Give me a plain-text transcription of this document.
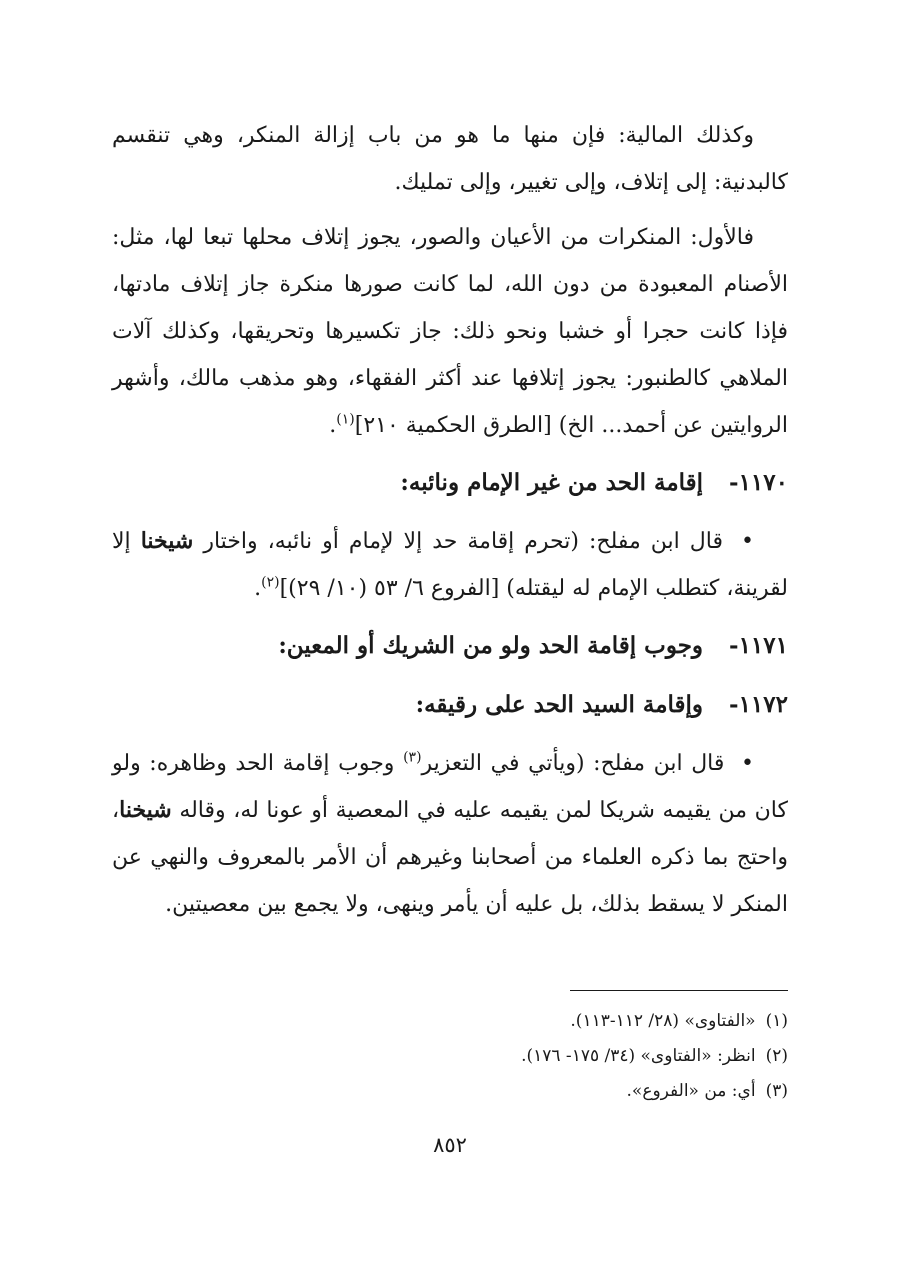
وكذلك المالية: فإن منها ما هو من باب إزالة المنكر، وهي تنقسم كالبدنية: إلى إتلاف، وإلى تغيير، وإلى تمليك.

فالأول: المنكرات من الأعيان والصور، يجوز إتلاف محلها تبعا لها، مثل: الأصنام المعبودة من دون الله، لما كانت صورها منكرة جاز إتلاف مادتها، فإذا كانت حجرا أو خشبا ونحو ذلك: جاز تكسيرها وتحريقها، وكذلك آلات الملاهي كالطنبور: يجوز إتلافها عند أكثر الفقهاء، وهو مذهب مالك، وأشهر الروايتين عن أحمد... الخ) [الطرق الحكمية ٢١٠]$^{(١)}$.

١١٧٠-إقامة الحد من غير الإمام ونائبه:

• قال ابن مفلح: (تحرم إقامة حد إلا لإمام أو نائبه، واختار شيخنا إلا لقرينة، كتطلب الإمام له ليقتله) [الفروع ٦/ ٥٣ (١٠/ ٢٩)]$^{(٢)}$.

١١٧١-وجوب إقامة الحد ولو من الشريك أو المعين:
١١٧٢-وإقامة السيد الحد على رقيقه:

• قال ابن مفلح: (ويأتي في التعزير$^{(٣)}$ وجوب إقامة الحد وظاهره: ولو كان من يقيمه شريكا لمن يقيمه عليه في المعصية أو عونا له، وقاله شيخنا، واحتج بما ذكره العلماء من أصحابنا وغيرهم أن الأمر بالمعروف والنهي عن المنكر لا يسقط بذلك، بل عليه أن يأمر وينهى، ولا يجمع بين معصيتين.

(١)«الفتاوى» (٢٨/ ١١٢-١١٣).
(٢)انظر: «الفتاوى» (٣٤/ ١٧٥- ١٧٦).
(٣)أي: من «الفروع».
٨٥٢
